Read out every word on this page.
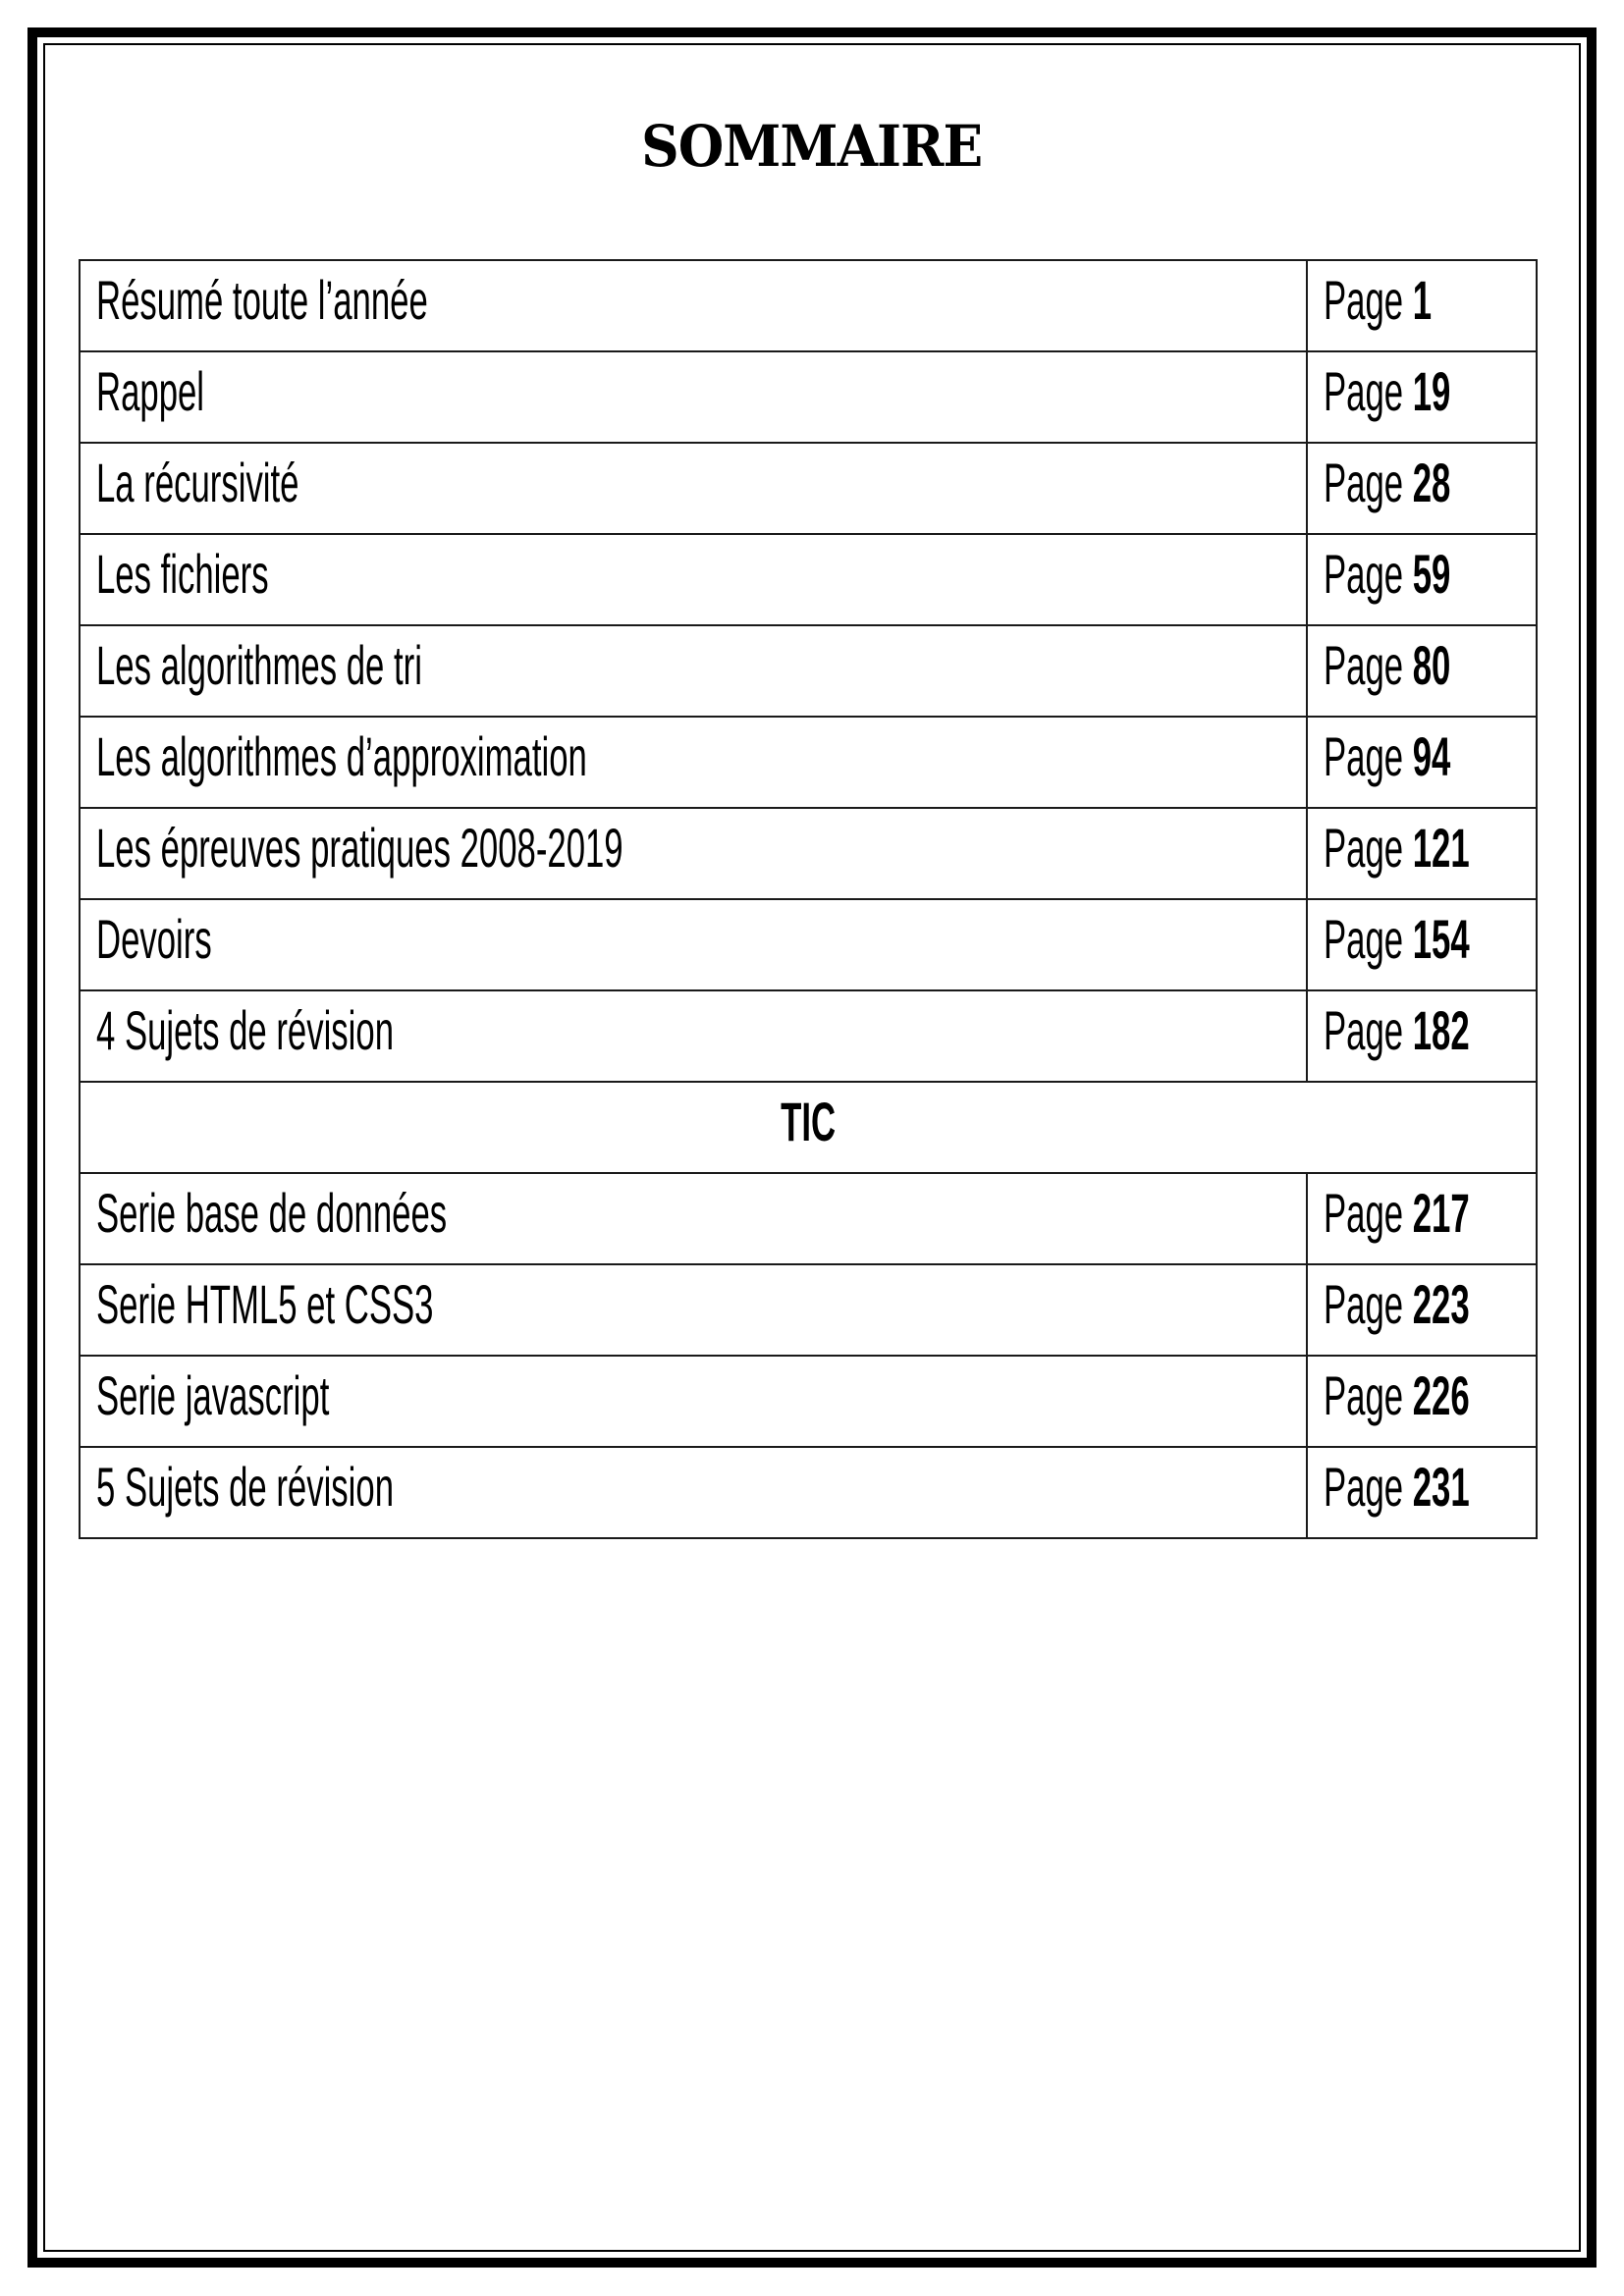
SOMMAIRE
Résumé toute l’année	Page 1
Rappel	Page 19
La récursivité	Page 28
Les fichiers	Page 59
Les algorithmes de tri	Page 80
Les algorithmes d’approximation	Page 94
Les épreuves pratiques 2008-2019	Page 121
Devoirs	Page 154
4 Sujets de révision	Page 182
TIC	
Serie base de données	Page 217
Serie HTML5 et CSS3	Page 223
Serie javascript	Page 226
5 Sujets de révision	Page 231
